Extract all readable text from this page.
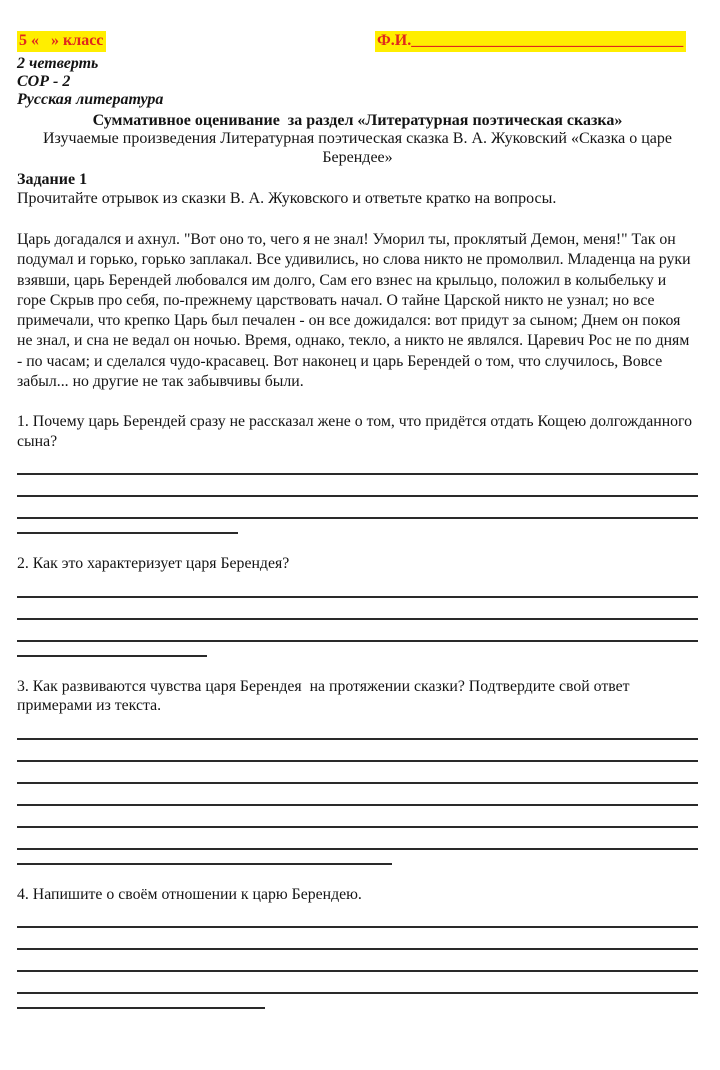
5 «   » класс	Ф.И.__________________________________
2 четверть
СОР - 2
Русская литература
Суммативное оценивание  за раздел «Литературная поэтическая сказка»
Изучаемые произведения Литературная поэтическая сказка В. А. Жуковский «Сказка о царе Берендее»
Задание 1
Прочитайте отрывок из сказки В. А. Жуковского и ответьте кратко на вопросы.

Царь догадался и ахнул. "Вот оно то, чего я не знал! Уморил ты, проклятый Демон, меня!" Так он подумал и горько, горько заплакал. Все удивились, но слова никто не промолвил. Младенца на руки взявши, царь Берендей любовался им долго, Сам его взнес на крыльцо, положил в колыбельку и горе Скрыв про себя, по-прежнему царствовать начал. О тайне Царской никто не узнал; но все примечали, что крепко Царь был печален - он все дожидался: вот придут за сыном; Днем он покоя не знал, и сна не ведал он ночью. Время, однако, текло, а никто не являлся. Царевич Рос не по дням - по часам; и сделался чудо-красавец. Вот наконец и царь Берендей о том, что случилось, Вовсе забыл... но другие не так забывчивы были.

1. Почему царь Берендей сразу не рассказал жене о том, что придётся отдать Кощею долгожданного сына?

2. Как это характеризует царя Берендея?

3. Как развиваются чувства царя Берендея  на протяжении сказки? Подтвердите свой ответ примерами из текста.

4. Напишите о своём отношении к царю Берендею.
